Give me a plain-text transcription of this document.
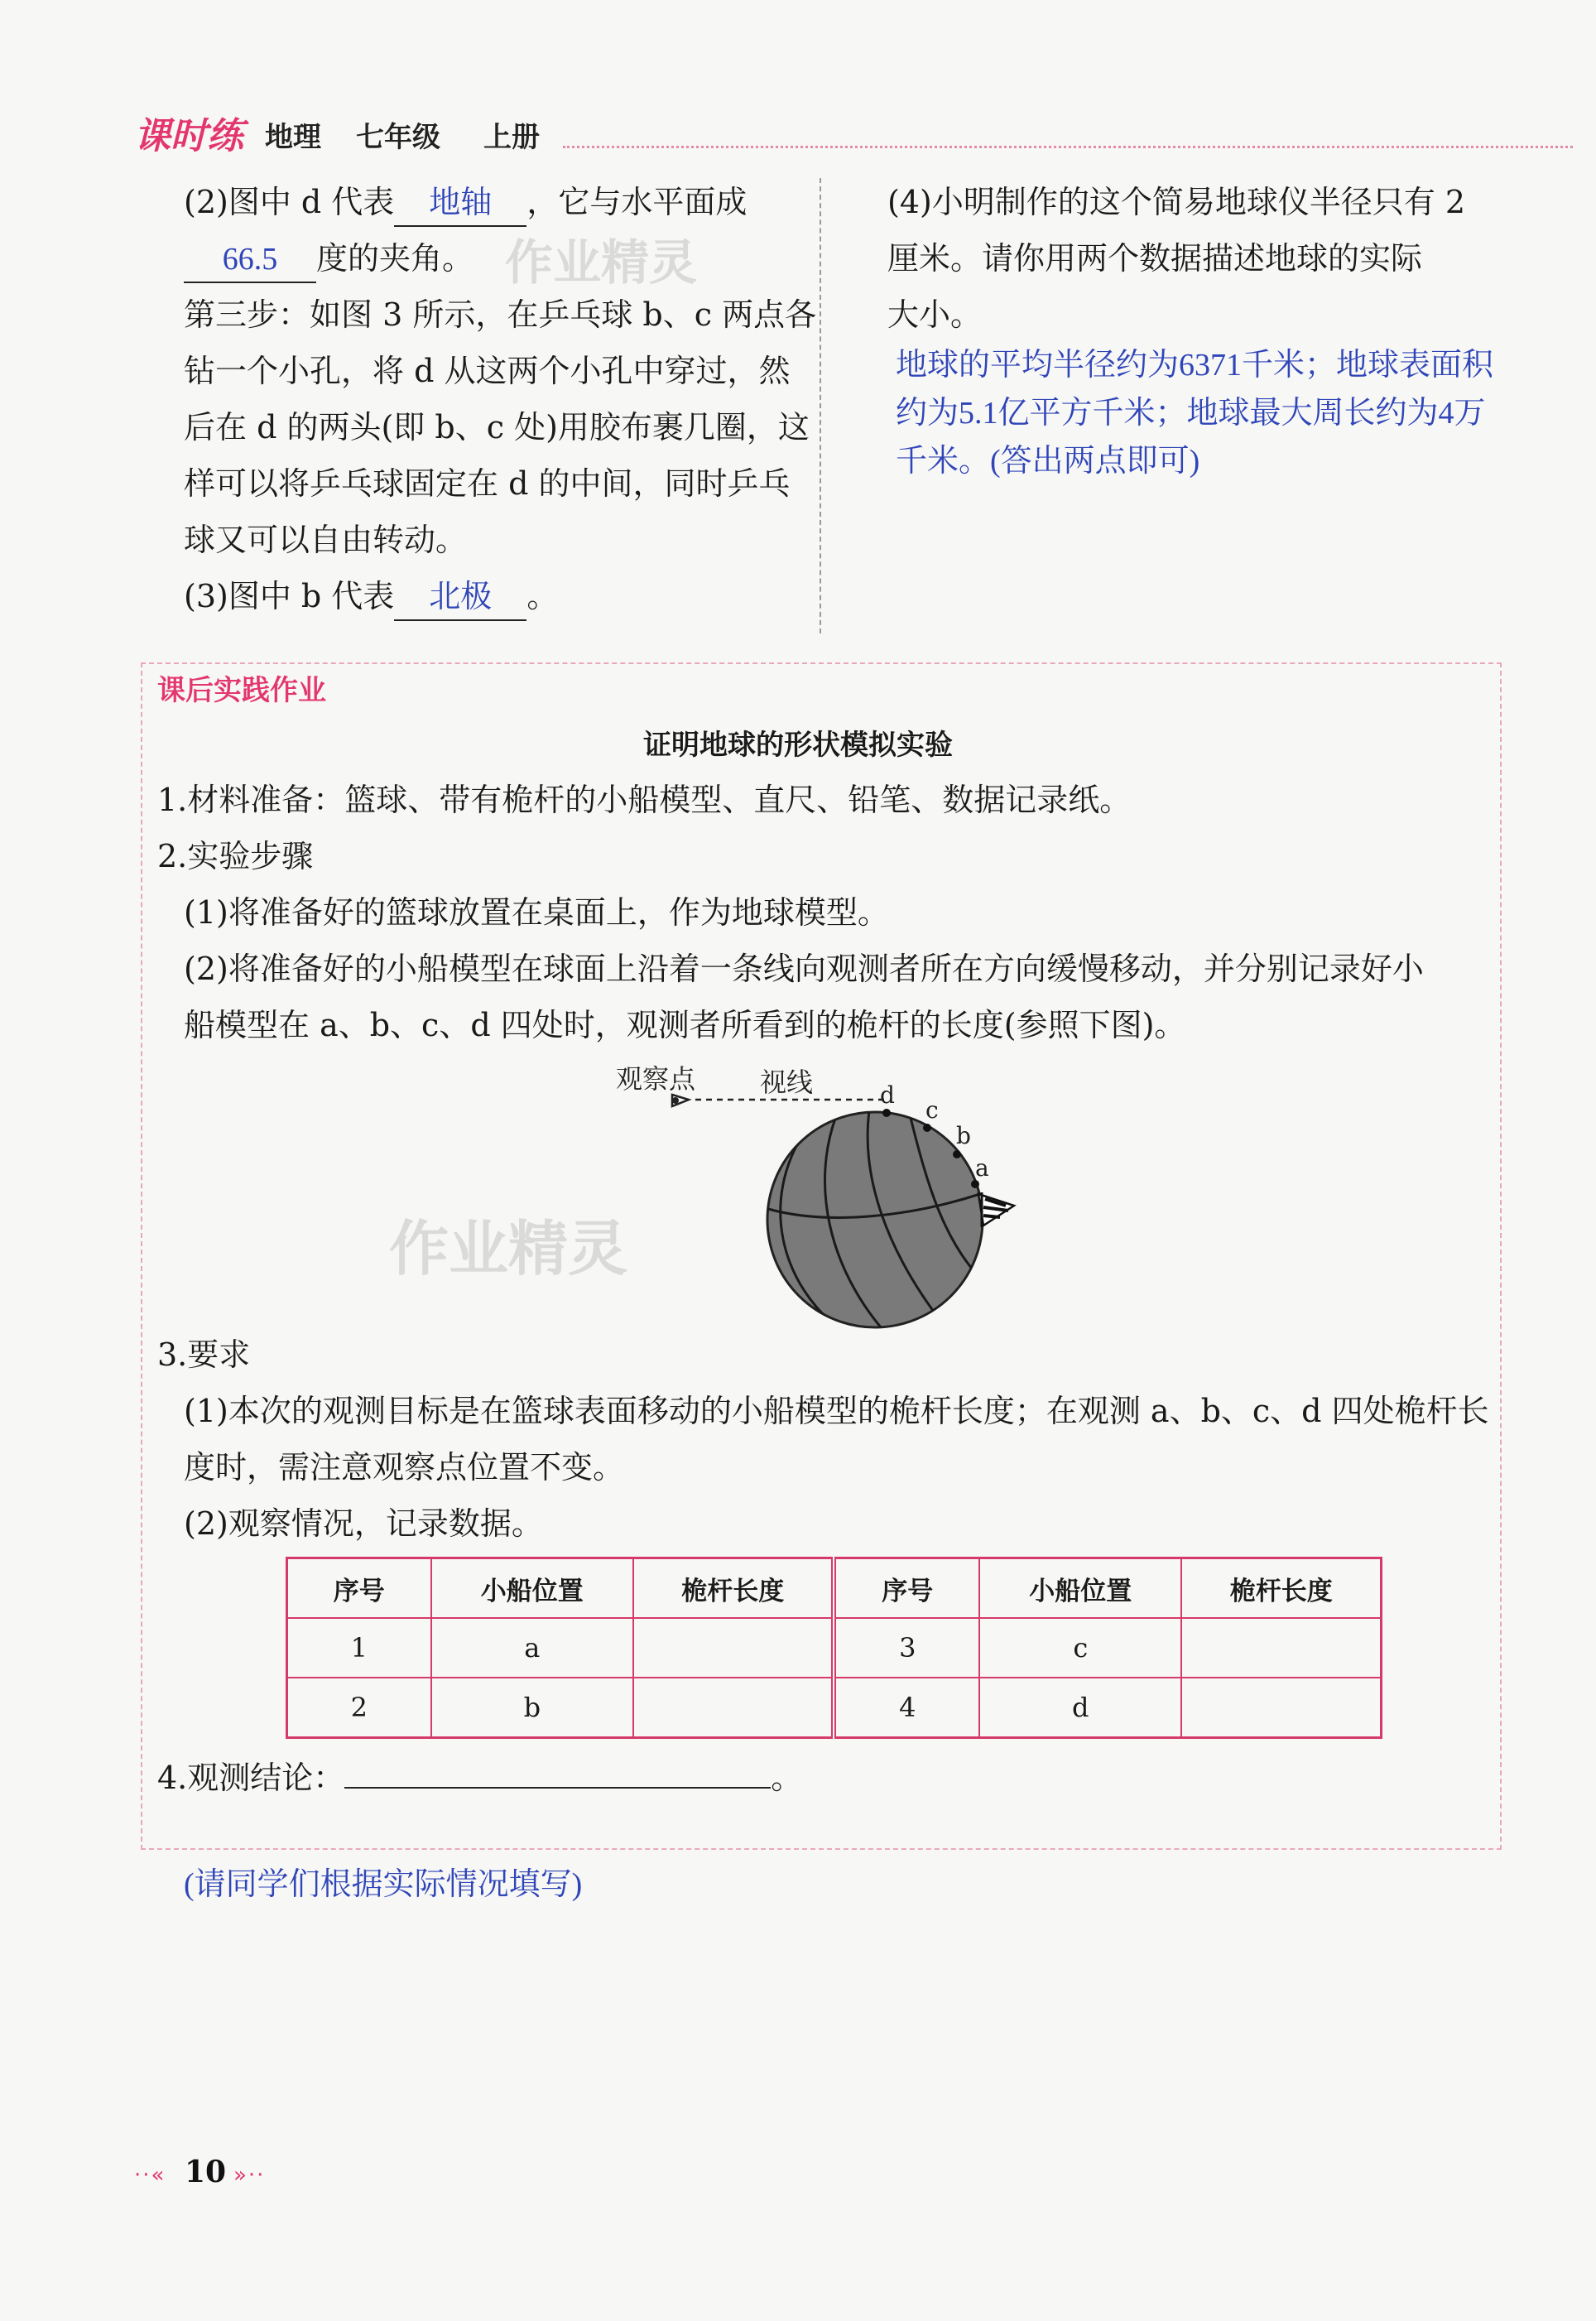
课时练 地理 七年级 上册
(2)图中 d 代表 地轴 ，它与水平面成
66.5 度的夹角。 作业精灵
第三步：如图 3 所示，在乒乓球 b、c 两点各
钻一个小孔，将 d 从这两个小孔中穿过，然
后在 d 的两头(即 b、c 处)用胶布裹几圈，这
样可以将乒乓球固定在 d 的中间，同时乒乓
球又可以自由转动。
(3)图中 b 代表 北极 。
(4)小明制作的这个简易地球仪半径只有 2
厘米。请你用两个数据描述地球的实际
大小。
地球的平均半径约为6371千米；地球表面积
约为5.1亿平方千米；地球最大周长约为4万
千米。(答出两点即可)
课后实践作业
证明地球的形状模拟实验
1.材料准备：篮球、带有桅杆的小船模型、直尺、铅笔、数据记录纸。
2.实验步骤
(1)将准备好的篮球放置在桌面上，作为地球模型。
(2)将准备好的小船模型在球面上沿着一条线向观测者所在方向缓慢移动，并分别记录好小
船模型在 a、b、c、d 四处时，观测者所看到的桅杆的长度(参照下图)。
观察点 视线	d
c
b
a
作业精灵
3.要求
(1)本次的观测目标是在篮球表面移动的小船模型的桅杆长度；在观测 a、b、c、d 四处桅杆长
度时，需注意观察点位置不变。
(2)观察情况，记录数据。
序号	小船位置	桅杆长度	序号	小船位置	桅杆长度
1	a		3	c	
2	b		4	d	
4.观测结论：	。
(请同学们根据实际情况填写)
··« 10 »··
